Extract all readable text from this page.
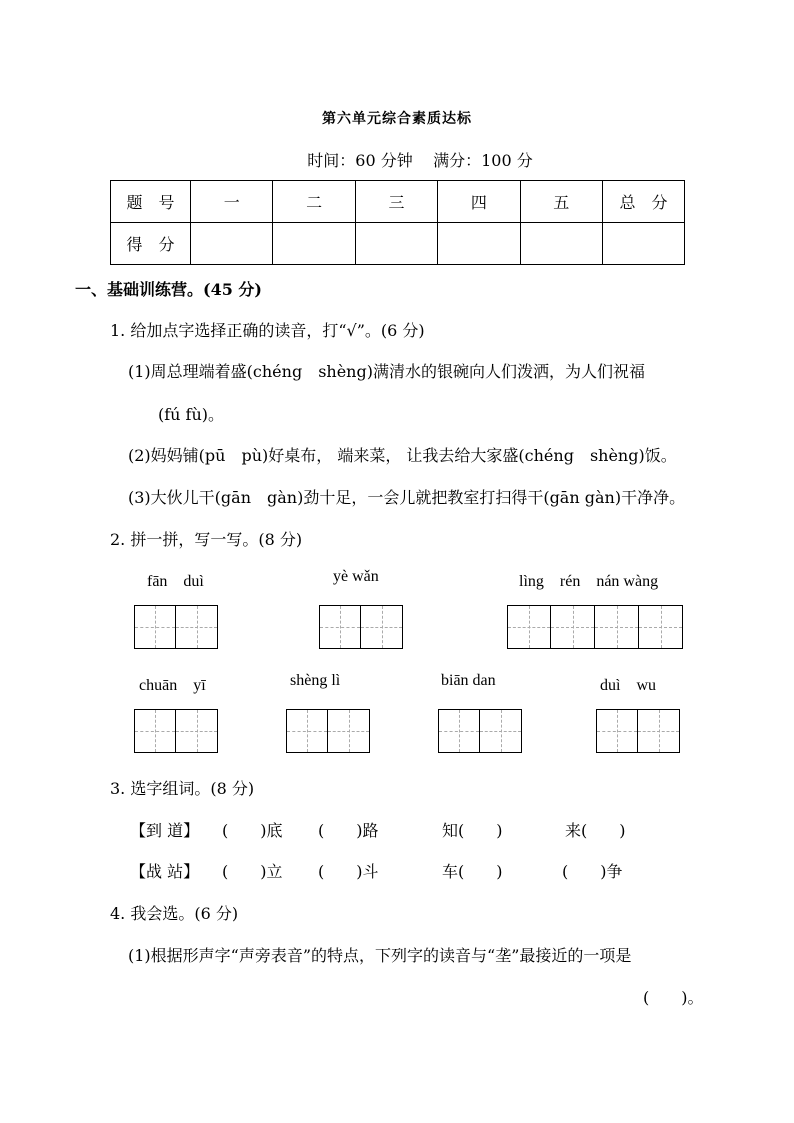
第六单元综合素质达标
时间：60 分钟 满分：100 分
题　号	一	二	三	四	五	总　分
得　分						
一、基础训练营。(45 分)
1. 给加点字选择正确的读音，打“√”。(6 分)
(1)周总理端着盛(chéng　shèng)满清水的银碗向人们泼洒，为人们祝福
(fú fù)。
(2)妈妈铺(pū　pù)好桌布， 端来菜， 让我去给大家盛(chéng　shèng)饭。
(3)大伙儿干(gān　gàn)劲十足，一会儿就把教室打扫得干(gān gàn)干净净。
2. 拼一拼，写一写。(8 分)
fān　duì	yè wǎn	lìng　rén　nán wàng
chuān　yī	shèng lì	biān dan	duì　wu
3. 选字组词。(8 分)
【到 道】 (　　)底 (　　)路	知(　　)	来(　　)
【战 站】 (　　)立 (　　)斗	车(　　)	(　　)争
4. 我会选。(6 分)
(1)根据形声字“声旁表音”的特点，下列字的读音与“垄”最接近的一项是
(　　)。
